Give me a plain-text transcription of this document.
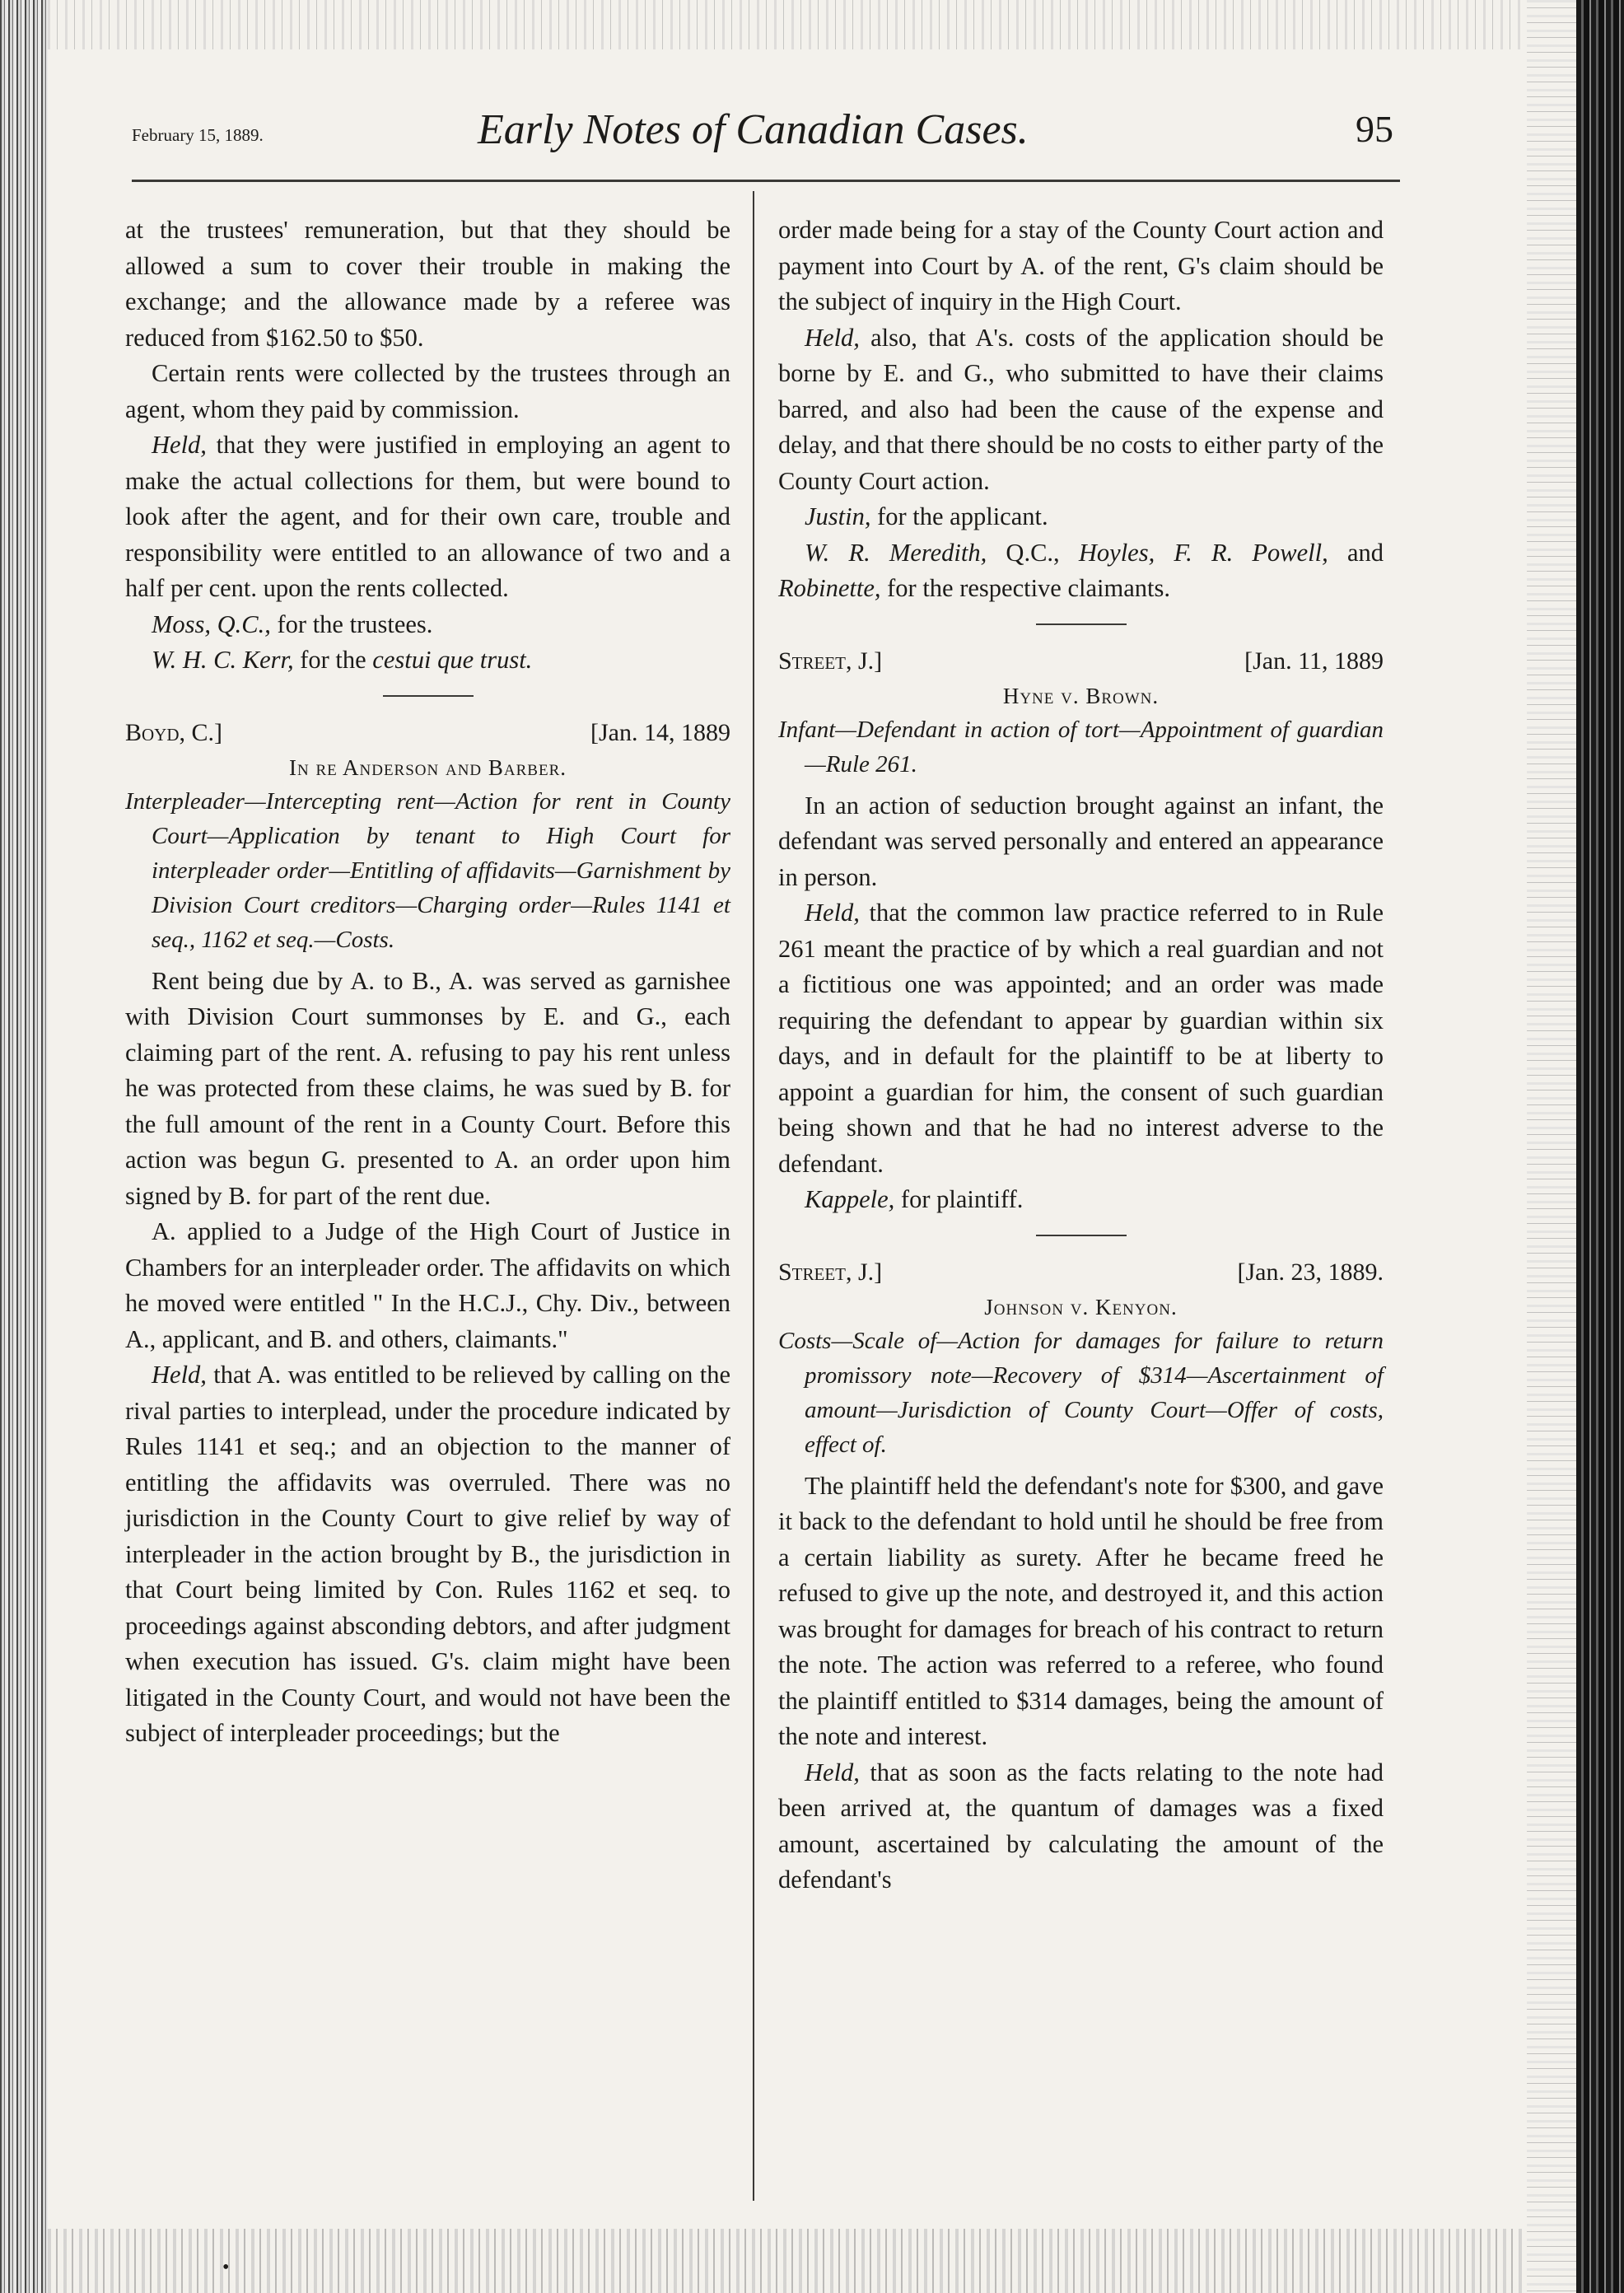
February 15, 1889.	Early Notes of Canadian Cases.	95

at the trustees' remuneration, but that they should be allowed a sum to cover their trouble in making the exchange; and the allowance made by a referee was reduced from $162.50 to $50.

Certain rents were collected by the trustees through an agent, whom they paid by commission.

Held, that they were justified in employing an agent to make the actual collections for them, but were bound to look after the agent, and for their own care, trouble and responsibility were entitled to an allowance of two and a half per cent. upon the rents collected.

Moss, Q.C., for the trustees.

W. H. C. Kerr, for the cestui que trust.

Boyd, C.]	[Jan. 14, 1889
In re Anderson and Barber.
Interpleader—Intercepting rent—Action for rent in County Court—Application by tenant to High Court for interpleader order—Entitling of affidavits—Garnishment by Division Court creditors—Charging order—Rules 1141 et seq., 1162 et seq.—Costs.

Rent being due by A. to B., A. was served as garnishee with Division Court summonses by E. and G., each claiming part of the rent. A. refusing to pay his rent unless he was protected from these claims, he was sued by B. for the full amount of the rent in a County Court. Before this action was begun G. presented to A. an order upon him signed by B. for part of the rent due.

A. applied to a Judge of the High Court of Justice in Chambers for an interpleader order. The affidavits on which he moved were entitled " In the H.C.J., Chy. Div., between A., applicant, and B. and others, claimants."

Held, that A. was entitled to be relieved by calling on the rival parties to interplead, under the procedure indicated by Rules 1141 et seq.; and an objection to the manner of entitling the affidavits was overruled. There was no jurisdiction in the County Court to give relief by way of interpleader in the action brought by B., the jurisdiction in that Court being limited by Con. Rules 1162 et seq. to proceedings against absconding debtors, and after judgment when execution has issued. G's. claim might have been litigated in the County Court, and would not have been the subject of interpleader proceedings; but the

order made being for a stay of the County Court action and payment into Court by A. of the rent, G's claim should be the subject of inquiry in the High Court.

Held, also, that A's. costs of the application should be borne by E. and G., who submitted to have their claims barred, and also had been the cause of the expense and delay, and that there should be no costs to either party of the County Court action.

Justin, for the applicant.

W. R. Meredith, Q.C., Hoyles, F. R. Powell, and Robinette, for the respective claimants.

Street, J.]	[Jan. 11, 1889
Hyne v. Brown.
Infant—Defendant in action of tort—Appointment of guardian—Rule 261.

In an action of seduction brought against an infant, the defendant was served personally and entered an appearance in person.

Held, that the common law practice referred to in Rule 261 meant the practice of by which a real guardian and not a fictitious one was appointed; and an order was made requiring the defendant to appear by guardian within six days, and in default for the plaintiff to be at liberty to appoint a guardian for him, the consent of such guardian being shown and that he had no interest adverse to the defendant.

Kappele, for plaintiff.

Street, J.]	[Jan. 23, 1889.
Johnson v. Kenyon.
Costs—Scale of—Action for damages for failure to return promissory note—Recovery of $314—Ascertainment of amount—Jurisdiction of County Court—Offer of costs, effect of.

The plaintiff held the defendant's note for $300, and gave it back to the defendant to hold until he should be free from a certain liability as surety. After he became freed he refused to give up the note, and destroyed it, and this action was brought for damages for breach of his contract to return the note. The action was referred to a referee, who found the plaintiff entitled to $314 damages, being the amount of the note and interest.

Held, that as soon as the facts relating to the note had been arrived at, the quantum of damages was a fixed amount, ascertained by calculating the amount of the defendant's

•
